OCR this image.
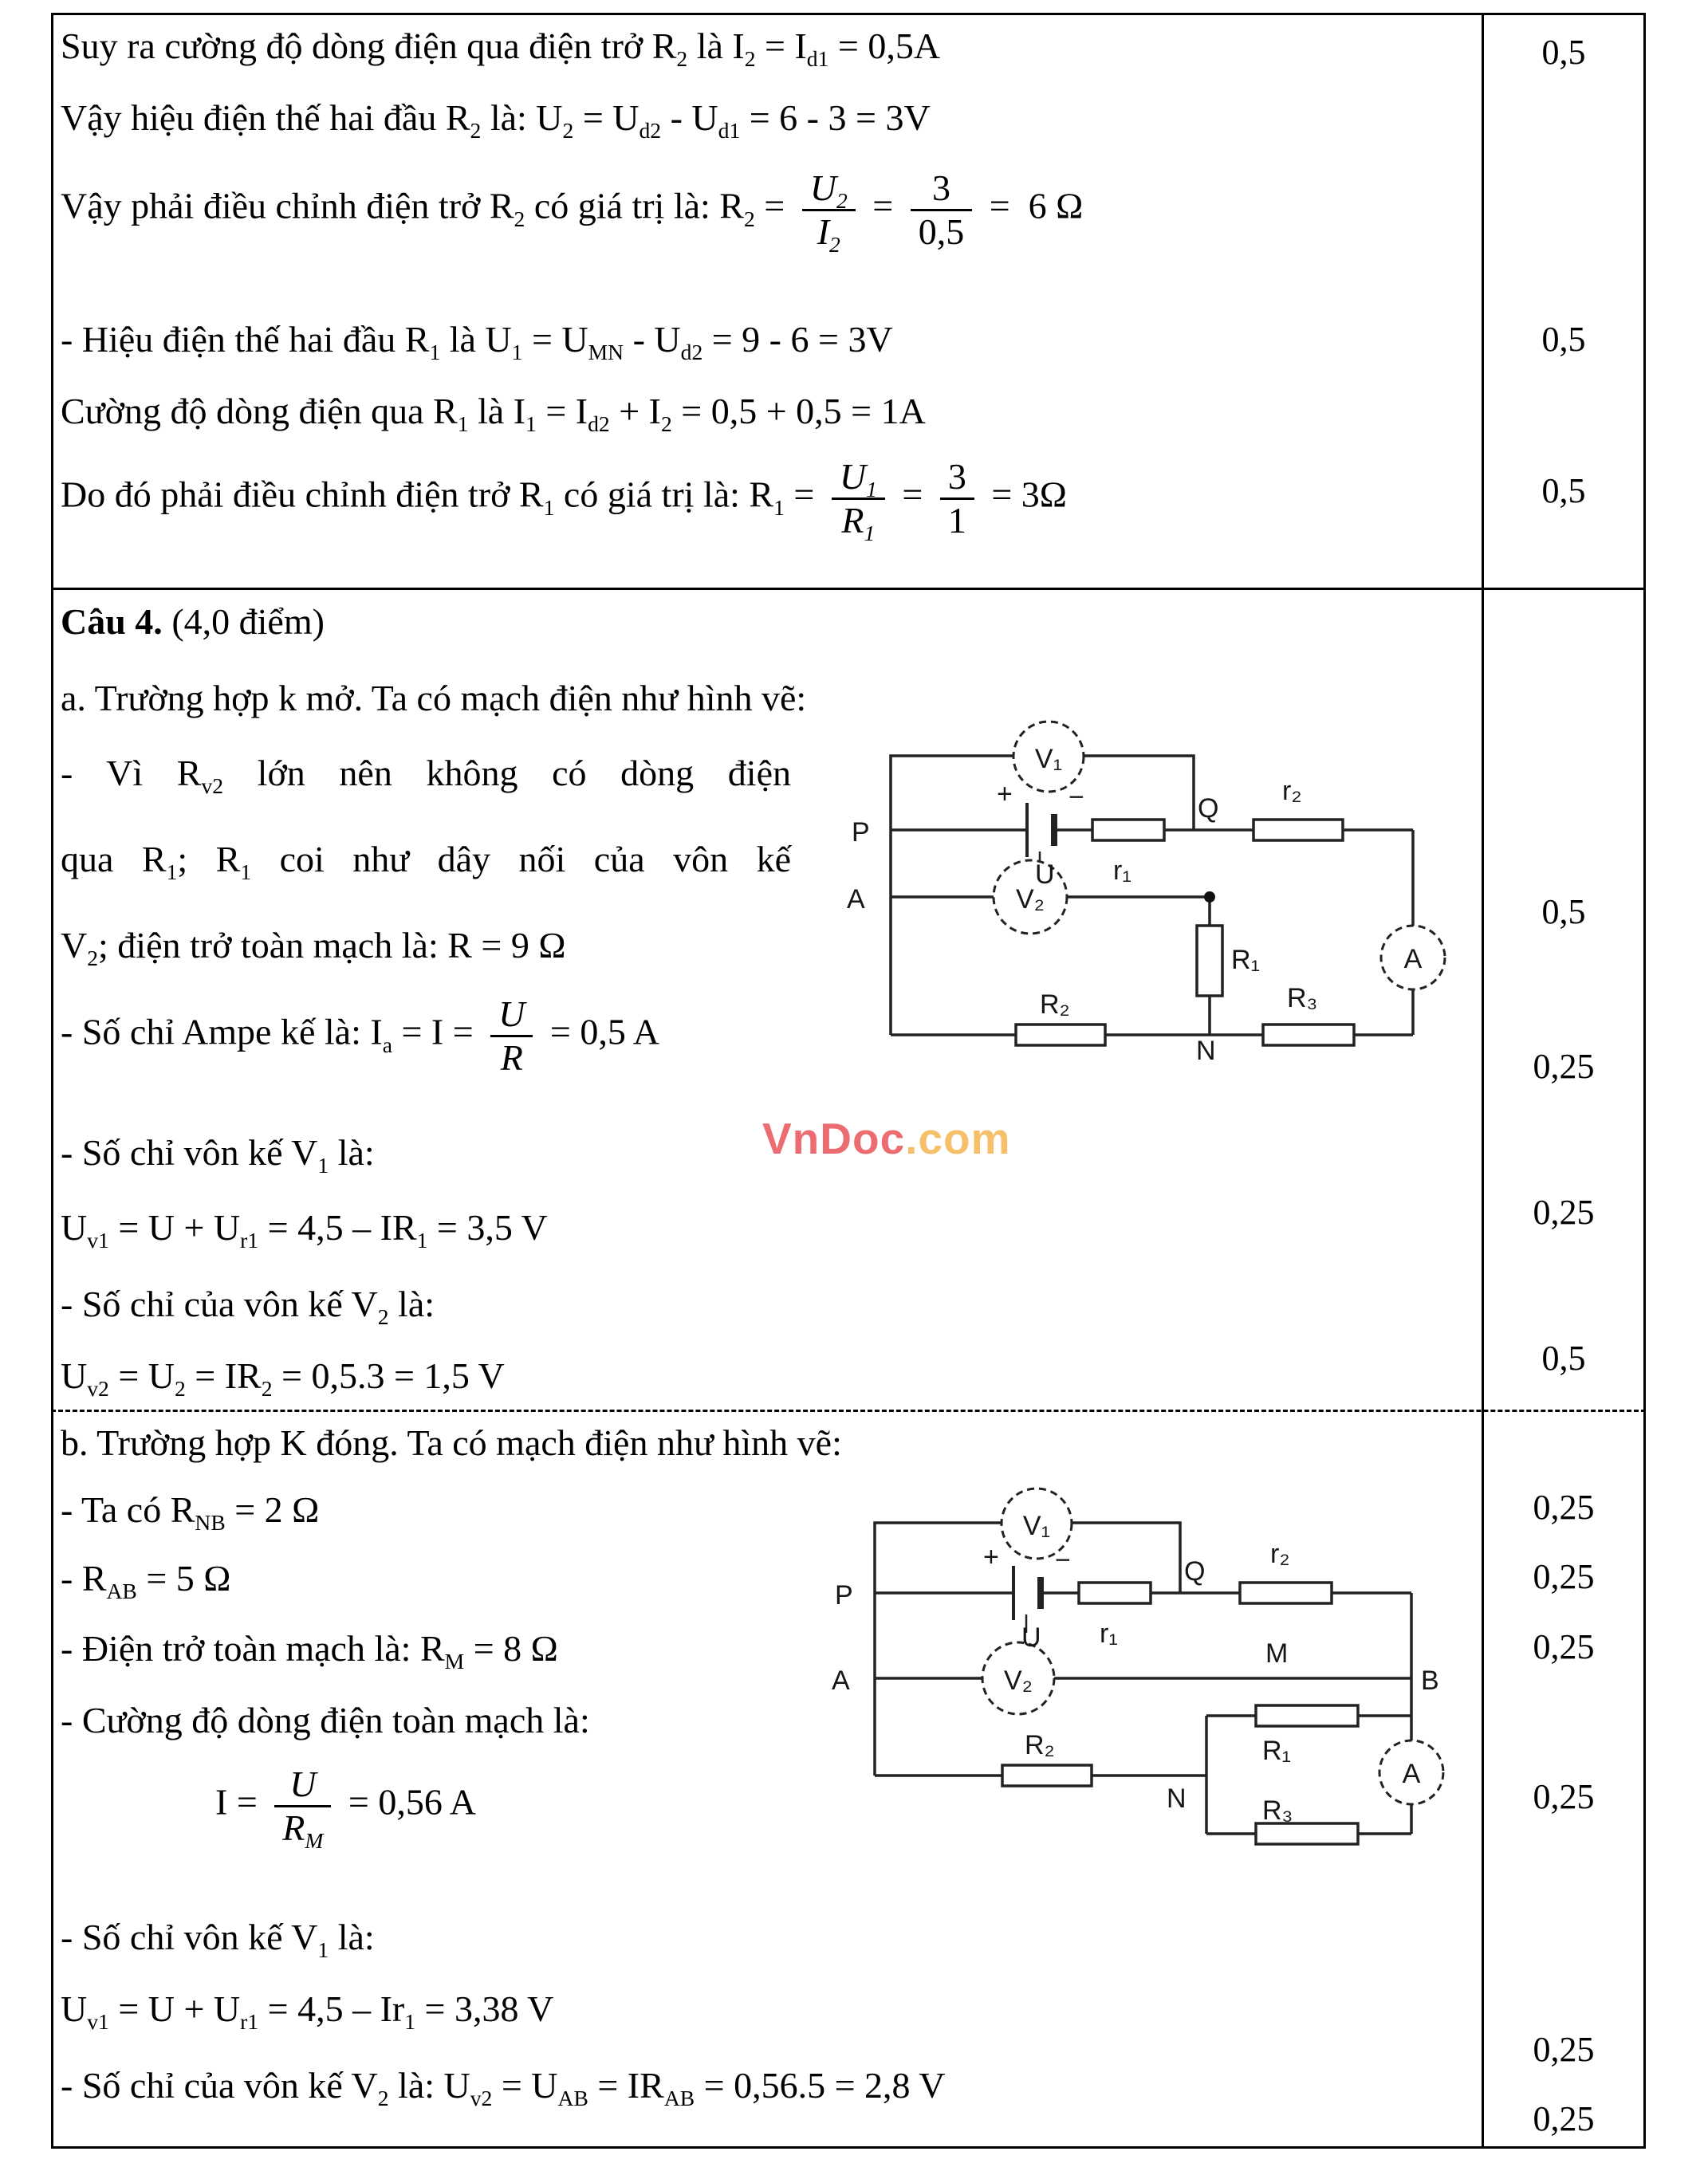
Suy ra cường độ dòng điện qua điện trở $R_2$ là $I_2 = I_{d1} = 0,5A$
Vậy hiệu điện thế hai đầu $R_2$ là: $U_2 = U_{d2} - U_{d1} = 6 - 3 = 3V$
Vậy phải điều chỉnh điện trở $R_2$ có giá trị là: $R_2 = \frac{U_2}{I_2} = \frac{3}{0,5} = 6$ Ω
- Hiệu điện thế hai đầu $R_1$ là $U_1 = U_{MN} - U_{d2} = 9 - 6 = 3V$
Cường độ dòng điện qua $R_1$ là $I_1 = I_{d2} + I_2 = 0,5 + 0,5 = 1A$
Do đó phải điều chỉnh điện trở $R_1$ có giá trị là: $R_1 = \frac{U_1}{R_1} = \frac{3}{1} = 3\Omega$
0,5
0,5
0,5
Câu 4. (4,0 điểm)
a. Trường hợp k mở. Ta có mạch điện như hình vẽ:
- Vì $R_{v2}$ lớn nên không có dòng điện
qua $R_1$; $R_1$ coi như dây nối của vôn kế
$V_2$; điện trở toàn mạch là: R = 9 Ω
- Số chỉ Ampe kế là: $I_a = I = \frac{U}{R} = 0,5$ A
- Số chỉ vôn kế $V_1$ là:
$U_{v1} = U + U_{r1} = 4,5 - IR_1 = 3,5$ V
- Số chỉ của vôn kế $V_2$ là:
$U_{v2} = U_2 = IR_2 = 0,5.3 = 1,5$ V
0,5
0,25
0,25
0,5
VnDoc.com
V₁
V₂
A
P
A
+ −
U r₁
Q
r₂
R₁
R₂	R₃
N
b. Trường hợp K đóng. Ta có mạch điện như hình vẽ:
- Ta có $R_{NB} = 2$ Ω
- $R_{AB} = 5$ Ω
- Điện trở toàn mạch là: $R_M = 8$ Ω
- Cường độ dòng điện toàn mạch là:
$I = \frac{U}{R_M} = 0,56$ A
- Số chỉ vôn kế $V_1$ là:
$U_{v1} = U + U_{r1} = 4,5 - Ir_1 = 3,38$ V
- Số chỉ của vôn kế $V_2$ là: $U_{v2} = U_{AB} = IR_{AB} = 0,56.5 = 2,8$ V
0,25
0,25
0,25
0,25
0,25
0,25
V₁
V₂
A
P
A
+ −
U r₁
Q
r₂
M
B
R₁
R₂
R₃
N
